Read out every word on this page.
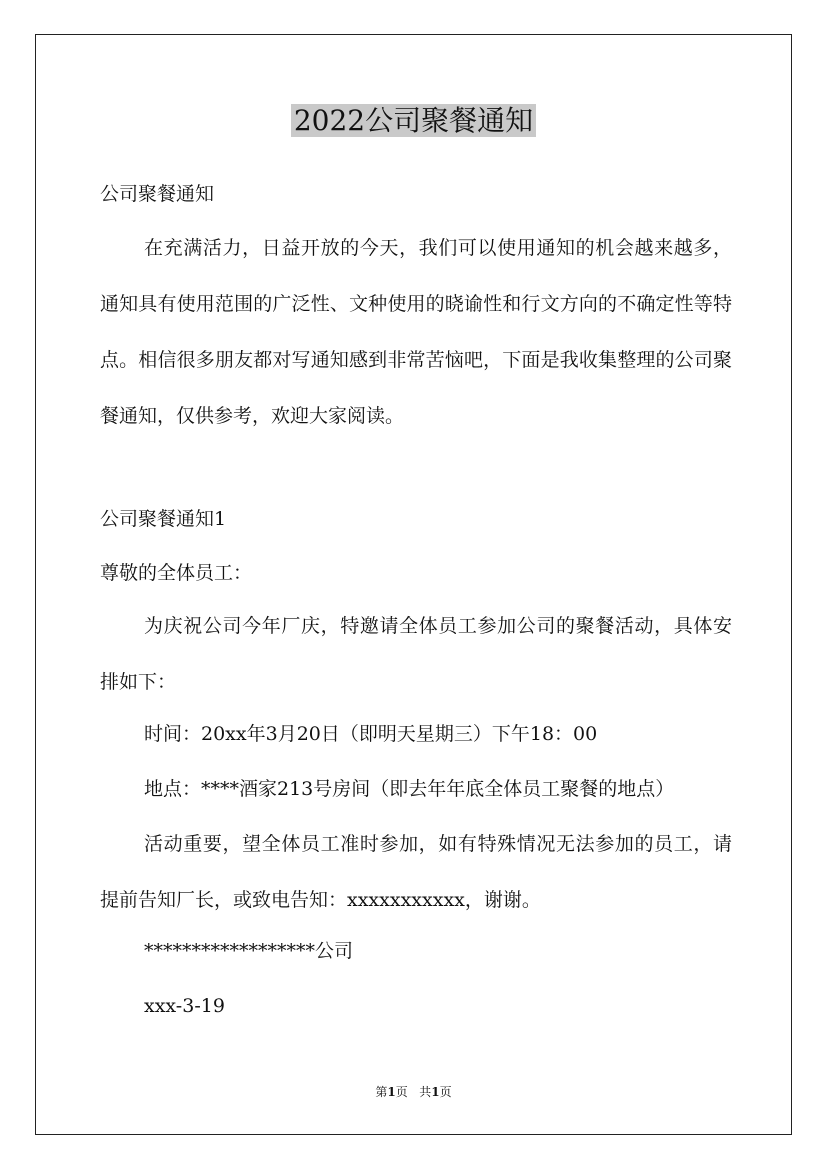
2022公司聚餐通知
公司聚餐通知

在充满活力，日益开放的今天，我们可以使用通知的机会越来越多，通知具有使用范围的广泛性、文种使用的晓谕性和行文方向的不确定性等特点。相信很多朋友都对写通知感到非常苦恼吧，下面是我收集整理的公司聚餐通知，仅供参考，欢迎大家阅读。

公司聚餐通知1
尊敬的全体员工：

为庆祝公司今年厂庆，特邀请全体员工参加公司的聚餐活动，具体安排如下：

时间：20xx年3月20日（即明天星期三）下午18：00
地点：****酒家213号房间（即去年年底全体员工聚餐的地点）

活动重要，望全体员工准时参加，如有特殊情况无法参加的员工，请提前告知厂长，或致电告知：xxxxxxxxxxx，谢谢。

******************公司
xxx-3-19
第1页 共1页
